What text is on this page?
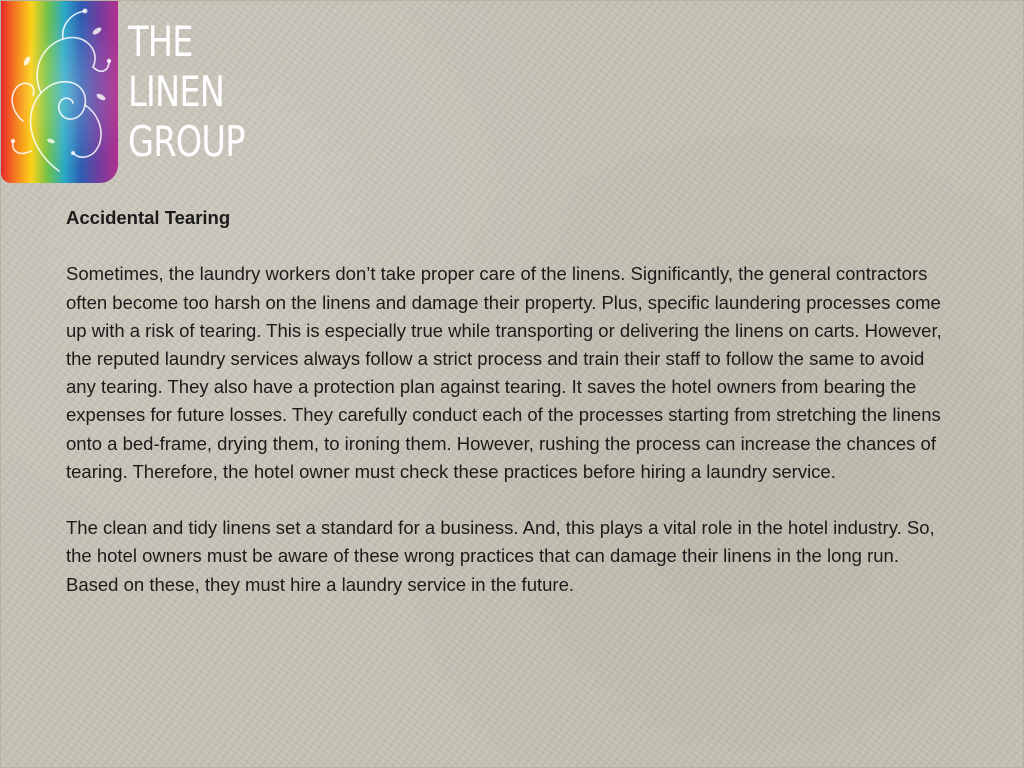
THE
LINEN
GROUP
Accidental Tearing

Sometimes, the laundry workers don’t take proper care of the linens. Significantly, the general contractors often become too harsh on the linens and damage their property. Plus, specific laundering processes come up with a risk of tearing. This is especially true while transporting or delivering the linens on carts. However, the reputed laundry services always follow a strict process and train their staff to follow the same to avoid any tearing. They also have a protection plan against tearing. It saves the hotel owners from bearing the expenses for future losses. They carefully conduct each of the processes starting from stretching the linens onto a bed-frame, drying them, to ironing them. However, rushing the process can increase the chances of tearing. Therefore, the hotel owner must check these practices before hiring a laundry service.

The clean and tidy linens set a standard for a business. And, this plays a vital role in the hotel industry. So, the hotel owners must be aware of these wrong practices that can damage their linens in the long run. Based on these, they must hire a laundry service in the future.
